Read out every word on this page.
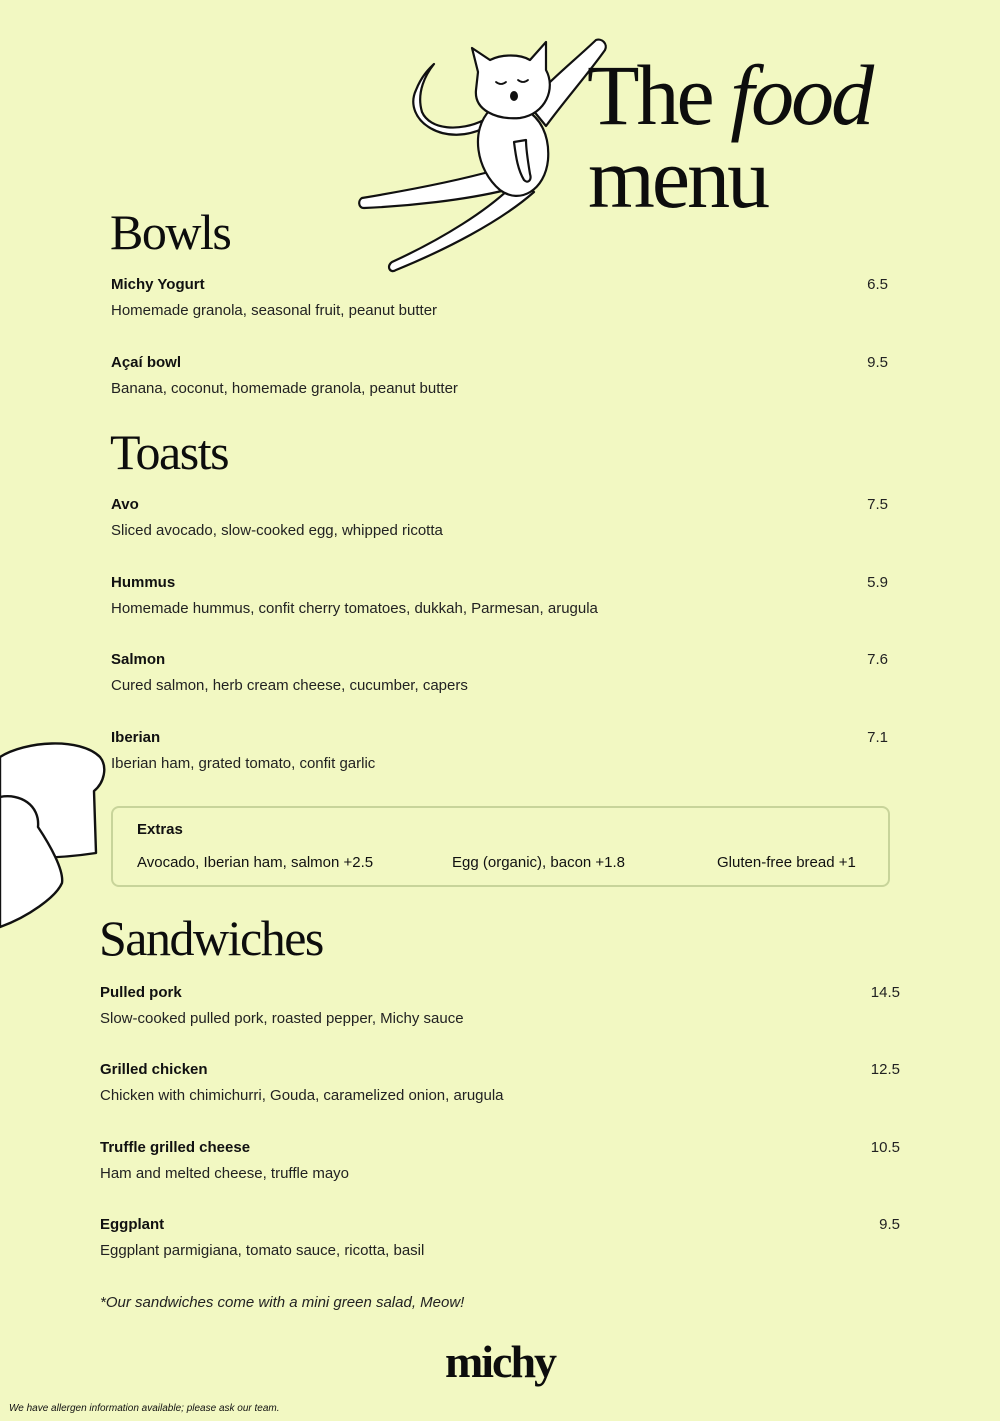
The food
menu
Bowls
Michy Yogurt	6.5
Homemade granola, seasonal fruit, peanut butter
Açaí bowl	9.5
Banana, coconut, homemade granola, peanut butter
Toasts
Avo	7.5
Sliced avocado, slow-cooked egg, whipped ricotta
Hummus	5.9
Homemade hummus, confit cherry tomatoes, dukkah, Parmesan, arugula
Salmon	7.6
Cured salmon, herb cream cheese, cucumber, capers
Iberian	7.1
Iberian ham, grated tomato, confit garlic
Extras
Avocado, Iberian ham, salmon +2.5	Egg (organic), bacon +1.8	Gluten-free bread +1
Sandwiches
Pulled pork	14.5
Slow-cooked pulled pork, roasted pepper, Michy sauce
Grilled chicken	12.5
Chicken with chimichurri, Gouda, caramelized onion, arugula
Truffle grilled cheese	10.5
Ham and melted cheese, truffle mayo
Eggplant	9.5
Eggplant parmigiana, tomato sauce, ricotta, basil
*Our sandwiches come with a mini green salad, Meow!
michy
We have allergen information available; please ask our team.
